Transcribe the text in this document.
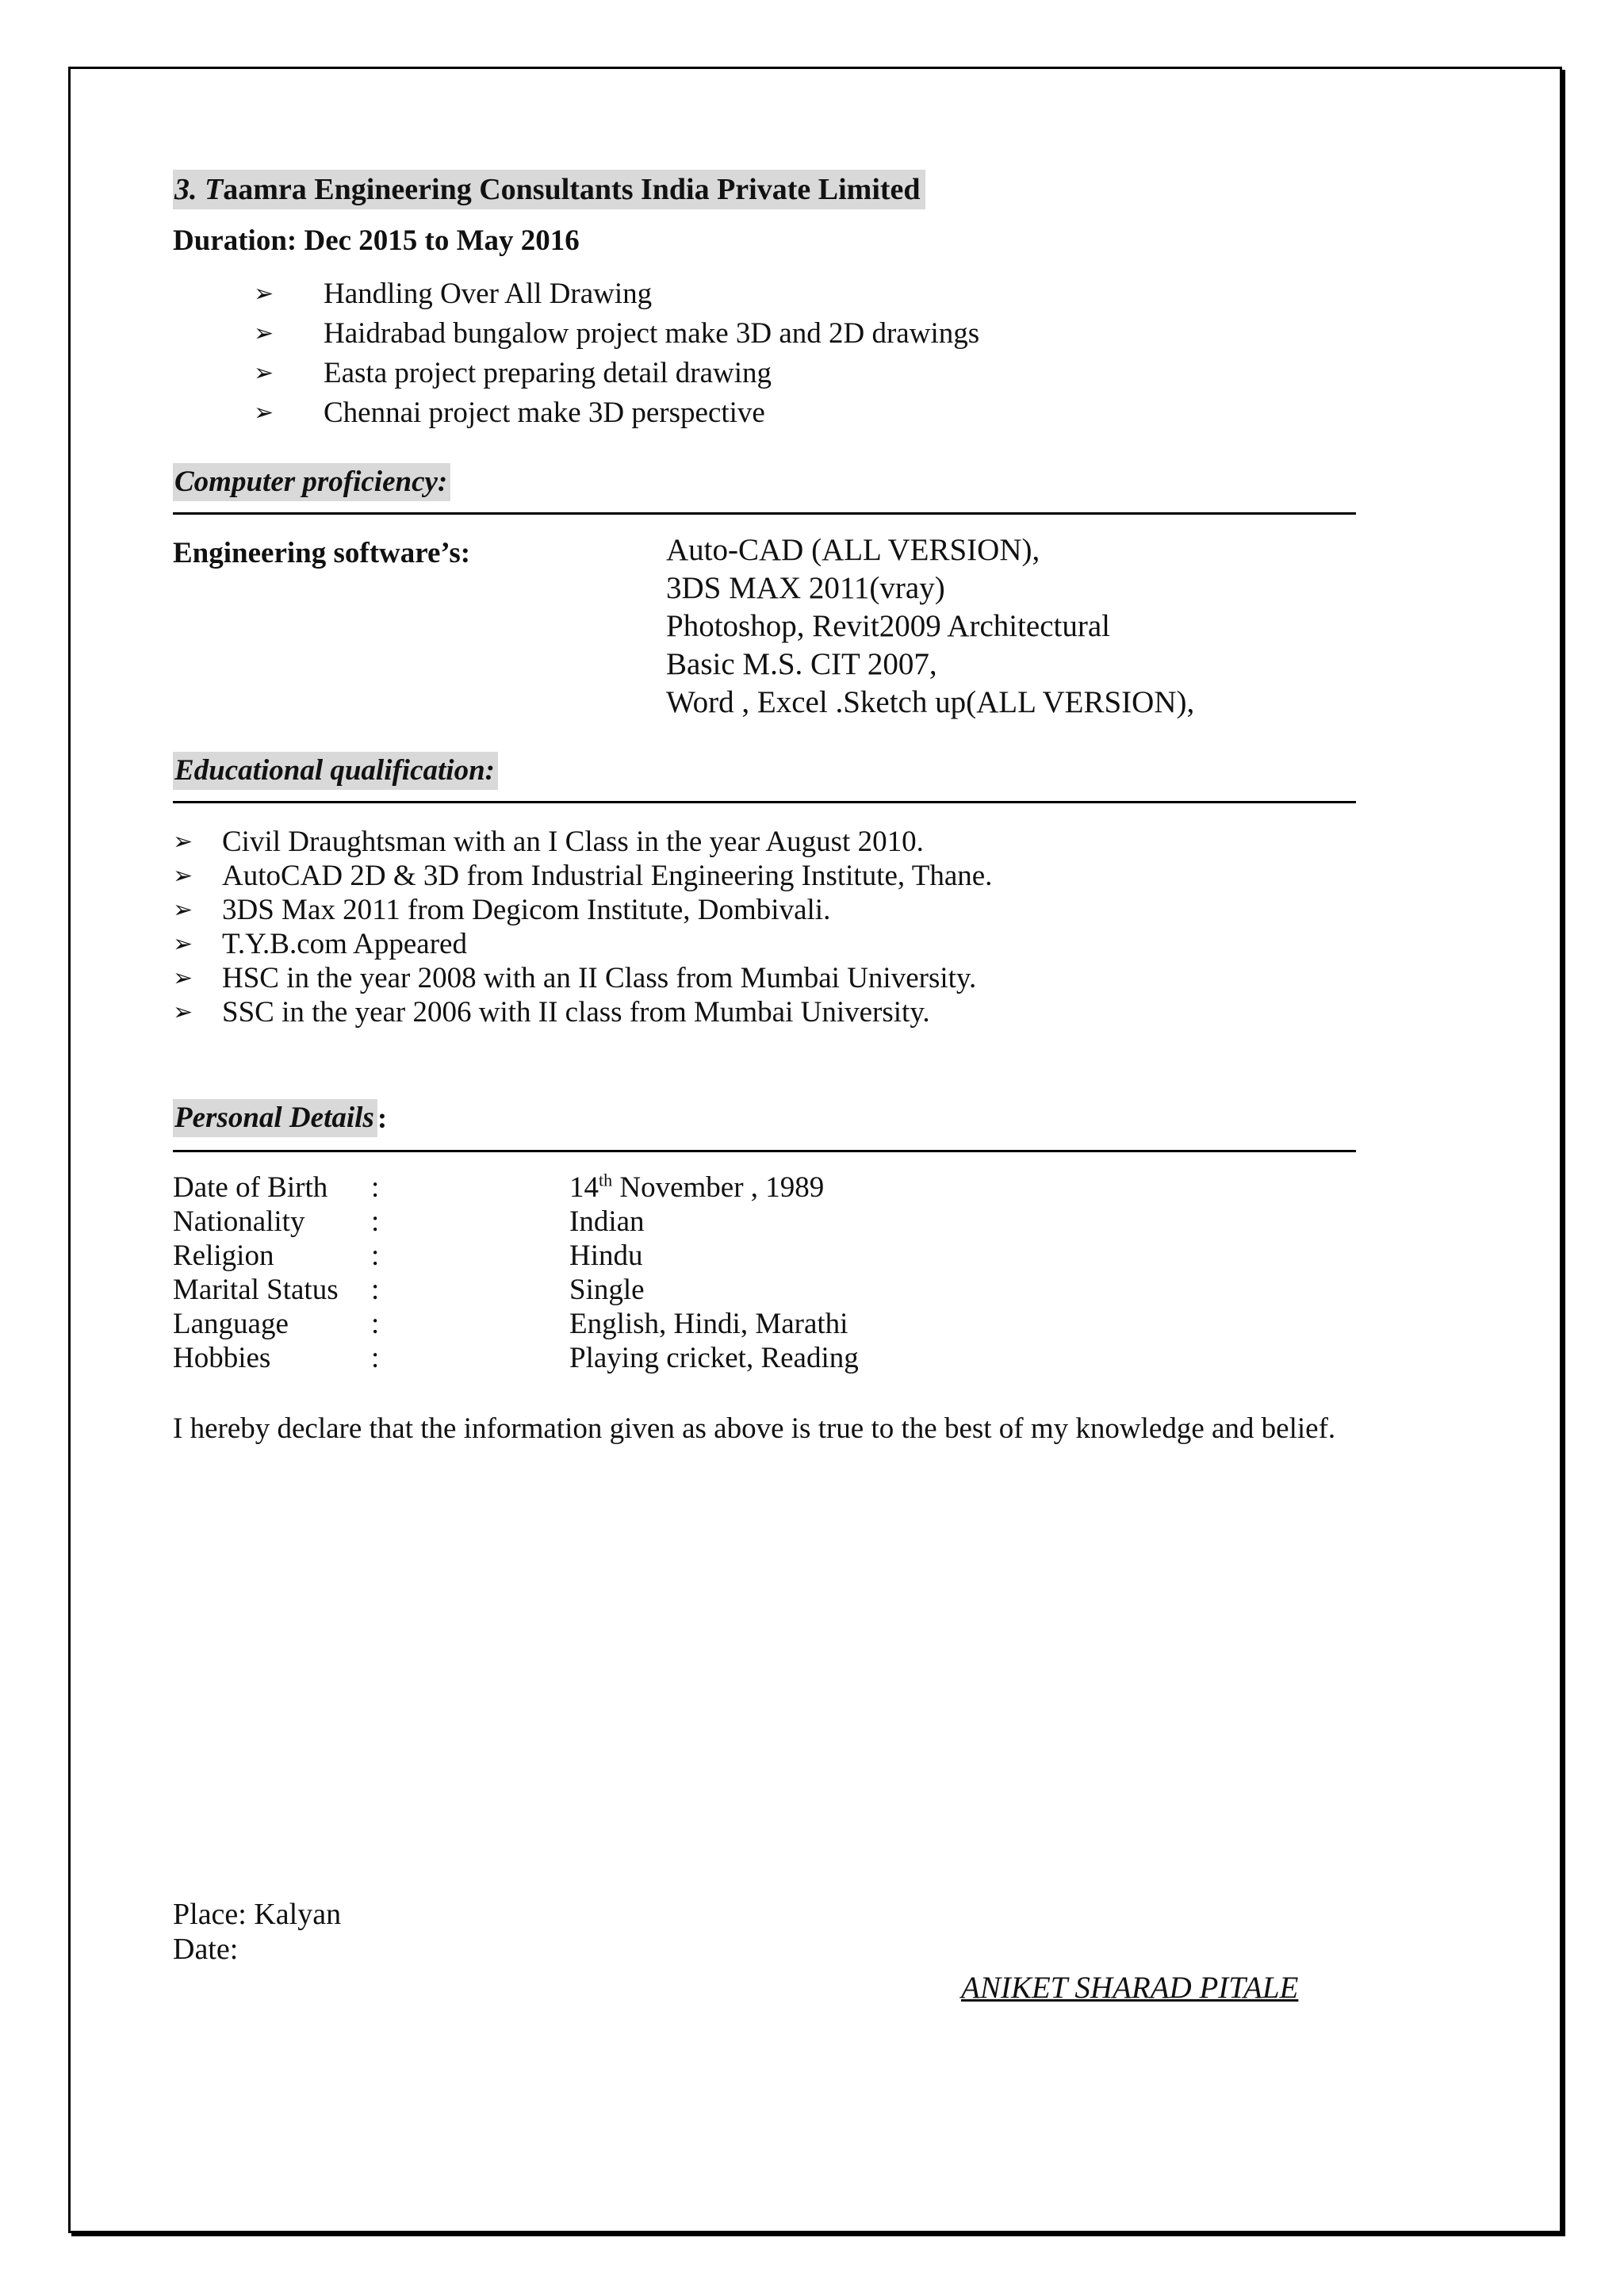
3. Taamra Engineering Consultants India Private Limited
Duration: Dec 2015 to May 2016
➢	Handling Over All Drawing
➢	Haidrabad bungalow project make 3D and 2D drawings
➢	Easta project preparing detail drawing
➢	Chennai project make 3D perspective
Computer proficiency:
Engineering software’s:	Auto-CAD (ALL VERSION),
3DS MAX 2011(vray)
Photoshop, Revit2009 Architectural
Basic M.S. CIT 2007,
Word , Excel .Sketch up(ALL VERSION),
Educational qualification:
➢ Civil Draughtsman with an I Class in the year August 2010.
➢ AutoCAD 2D & 3D from Industrial Engineering Institute, Thane.
➢ 3DS Max 2011 from Degicom Institute, Dombivali.
➢ T.Y.B.com Appeared
➢ HSC in the year 2008 with an II Class from Mumbai University.
➢ SSC in the year 2006 with II class from Mumbai University.
Personal Details :
Date of Birth :	14th November , 1989
Nationality :	Indian
Religion	:	Hindu
Marital Status :	Single
Language	:	English, Hindi, Marathi
Hobbies	:	Playing cricket, Reading

I hereby declare that the information given as above is true to the best of my knowledge and belief.

Place: Kalyan
Date:
ANIKET SHARAD PITALE
